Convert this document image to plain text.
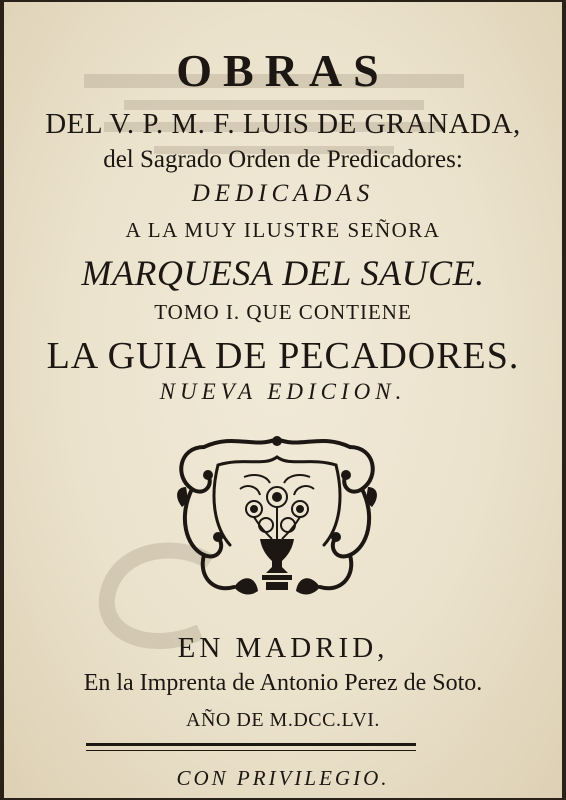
OBRAS
DEL V. P. M. F. LUIS DE GRANADA,
del Sagrado Orden de Predicadores:
DEDICADAS
A LA MUY ILUSTRE SEÑORA
MARQUESA DEL SAUCE.
TOMO I. QUE CONTIENE
LA GUIA DE PECADORES.
NUEVA EDICION.
EN MADRID,
En la Imprenta de Antonio Perez de Soto.
AÑO DE M.DCC.LVI.
CON PRIVILEGIO.
